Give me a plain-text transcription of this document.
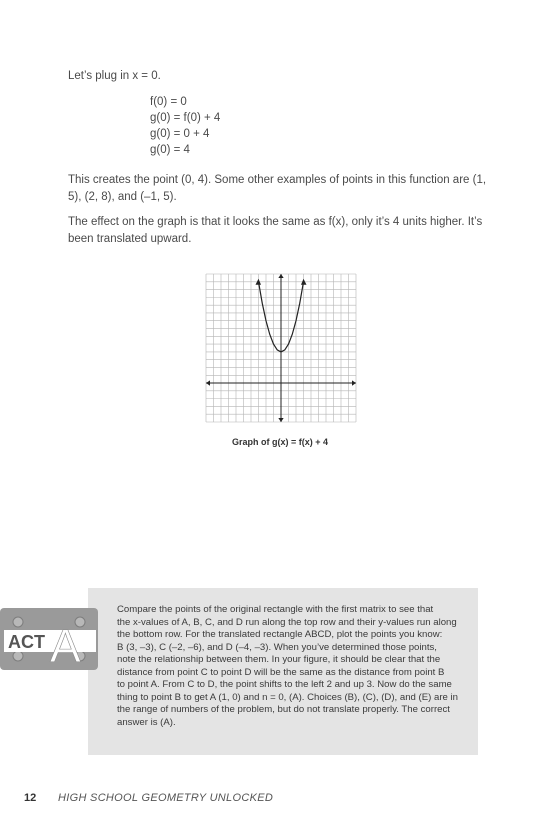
Let’s plug in x = 0.
f(0) = 0
g(0) = f(0) + 4
g(0) = 0 + 4
g(0) = 4
This creates the point (0, 4). Some other examples of points in this function are (1, 5), (2, 8), and (–1, 5).
The effect on the graph is that it looks the same as f(x), only it’s 4 units higher. It’s been translated upward.
Graph of g(x) = f(x) + 4
ACT A
Compare the points of the original rectangle with the first matrix to see that
the x-values of A, B, C, and D run along the top row and their y-values run along
the bottom row. For the translated rectangle ABCD, plot the points you know:
B (3, –3), C (–2, –6), and D (–4, –3). When you’ve determined those points,
note the relationship between them. In your figure, it should be clear that the
distance from point C to point D will be the same as the distance from point B
to point A. From C to D, the point shifts to the left 2 and up 3. Now do the same
thing to point B to get A (1, 0) and n = 0, (A). Choices (B), (C), (D), and (E) are in
the range of numbers of the problem, but do not translate properly. The correct
answer is (A).
12 HIGH SCHOOL GEOMETRY UNLOCKED
